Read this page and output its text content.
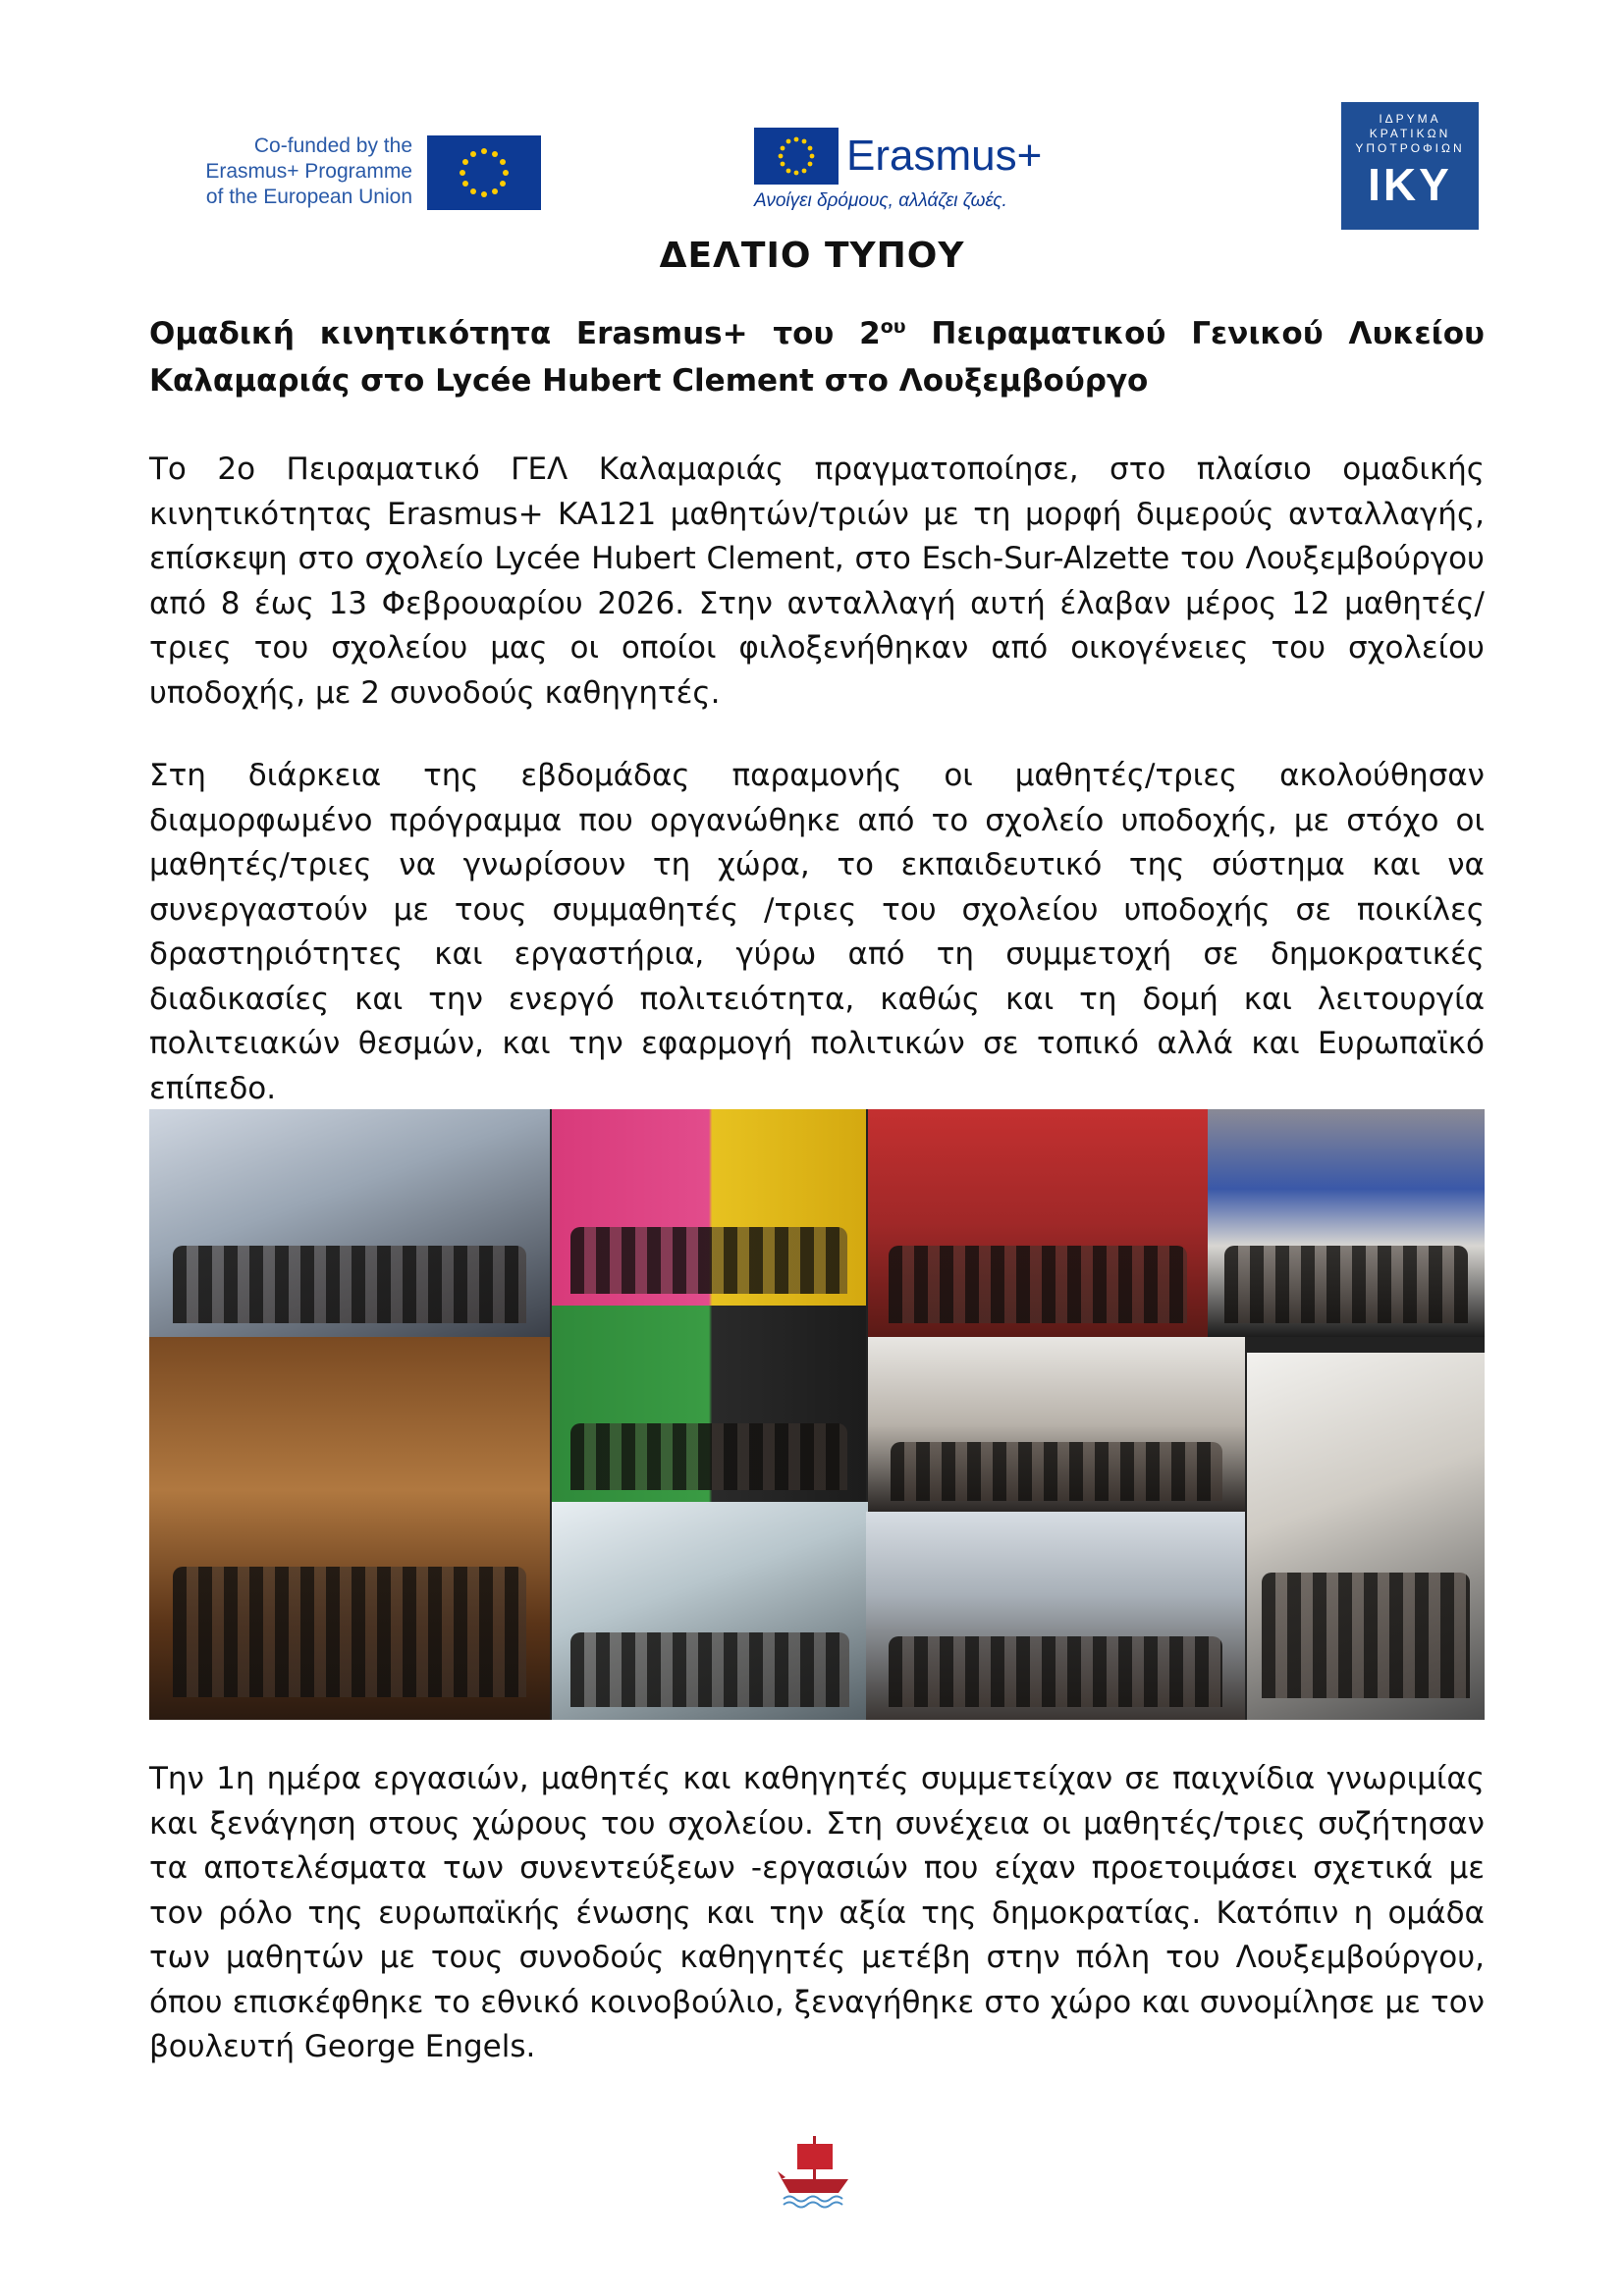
Co-funded by the
Erasmus+ Programme
of the European Union
Erasmus+
Ανοίγει δρόμους, αλλάζει ζωές.
ΙΔΡΥΜΑ
ΚΡΑΤΙΚΩΝ
ΥΠΟΤΡΟΦΙΩΝ
ΙΚΥ
ΔΕΛΤΙΟ ΤΥΠΟΥ
Ομαδική κινητικότητα Erasmus+ του $2^{o\upsilon}$ Πειραματικού Γενικού Λυκείου
Καλαμαριάς στο Lycée Hubert Clement στο Λουξεμβούργο

Το 2ο Πειραματικό ΓΕΛ Καλαμαριάς πραγματοποίησε, στο πλαίσιο ομαδικής κινητικότητας Erasmus+ KA121 μαθητών/τριών με τη μορφή διμερούς ανταλλαγής, επίσκεψη στο σχολείο Lycée Hubert Clement, στο Esch-Sur-Alzette του Λουξεμβούργου από 8 έως 13 Φεβρουαρίου 2026. Στην ανταλλαγή αυτή έλαβαν μέρος 12 μαθητές/τριες του σχολείου μας οι οποίοι φιλοξενήθηκαν από οικογένειες του σχολείου υποδοχής, με 2 συνοδούς καθηγητές.

Στη διάρκεια της εβδομάδας παραμονής οι μαθητές/τριες ακολούθησαν διαμορφωμένο πρόγραμμα που οργανώθηκε από το σχολείο υποδοχής, με στόχο οι μαθητές/τριες να γνωρίσουν τη χώρα, το εκπαιδευτικό της σύστημα και να συνεργαστούν με τους συμμαθητές /τριες του σχολείου υποδοχής σε ποικίλες δραστηριότητες και εργαστήρια, γύρω από τη συμμετοχή σε δημοκρατικές διαδικασίες και την ενεργό πολιτειότητα, καθώς και τη δομή και λειτουργία πολιτειακών θεσμών, και την εφαρμογή πολιτικών σε τοπικό αλλά και Ευρωπαϊκό επίπεδο.

Την 1η ημέρα εργασιών, μαθητές και καθηγητές συμμετείχαν σε παιχνίδια γνωριμίας και ξενάγηση στους χώρους του σχολείου. Στη συνέχεια οι μαθητές/τριες συζήτησαν τα αποτελέσματα των συνεντεύξεων -εργασιών που είχαν προετοιμάσει σχετικά με τον ρόλο της ευρωπαϊκής ένωσης και την αξία της δημοκρατίας. Κατόπιν η ομάδα των μαθητών με τους συνοδούς καθηγητές μετέβη στην πόλη του Λουξεμβούργου, όπου επισκέφθηκε το εθνικό κοινοβούλιο, ξεναγήθηκε στο χώρο και συνομίλησε με τον βουλευτή George Engels.
